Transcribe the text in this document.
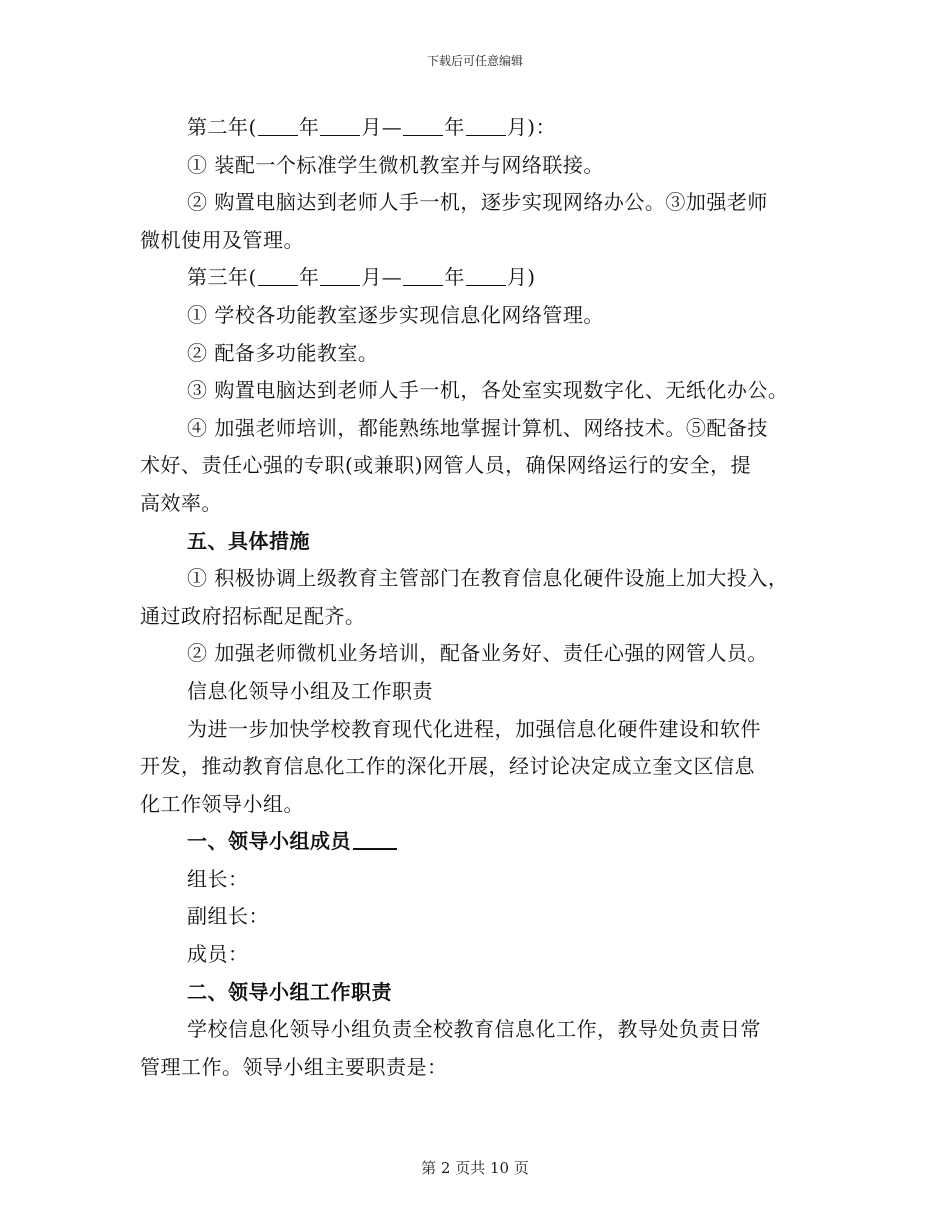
下载后可任意编辑
第二年( 年 月— 年 月)：
① 装配一个标准学生微机教室并与网络联接。
② 购置电脑达到老师人手一机，逐步实现网络办公。③加强老师
微机使用及管理。
第三年( 年 月— 年 月)
① 学校各功能教室逐步实现信息化网络管理。
② 配备多功能教室。
③ 购置电脑达到老师人手一机，各处室实现数字化、无纸化办公。
④ 加强老师培训，都能熟练地掌握计算机、网络技术。⑤配备技
术好、责任心强的专职(或兼职)网管人员，确保网络运行的安全，提
高效率。
五、具体措施
① 积极协调上级教育主管部门在教育信息化硬件设施上加大投入，
通过政府招标配足配齐。
② 加强老师微机业务培训，配备业务好、责任心强的网管人员。
信息化领导小组及工作职责
为进一步加快学校教育现代化进程，加强信息化硬件建设和软件
开发，推动教育信息化工作的深化开展，经讨论决定成立奎文区信息
化工作领导小组。
一、领导小组成员
组长：
副组长：
成员：
二、领导小组工作职责
学校信息化领导小组负责全校教育信息化工作，教导处负责日常
管理工作。领导小组主要职责是：
第 2 页共 10 页
